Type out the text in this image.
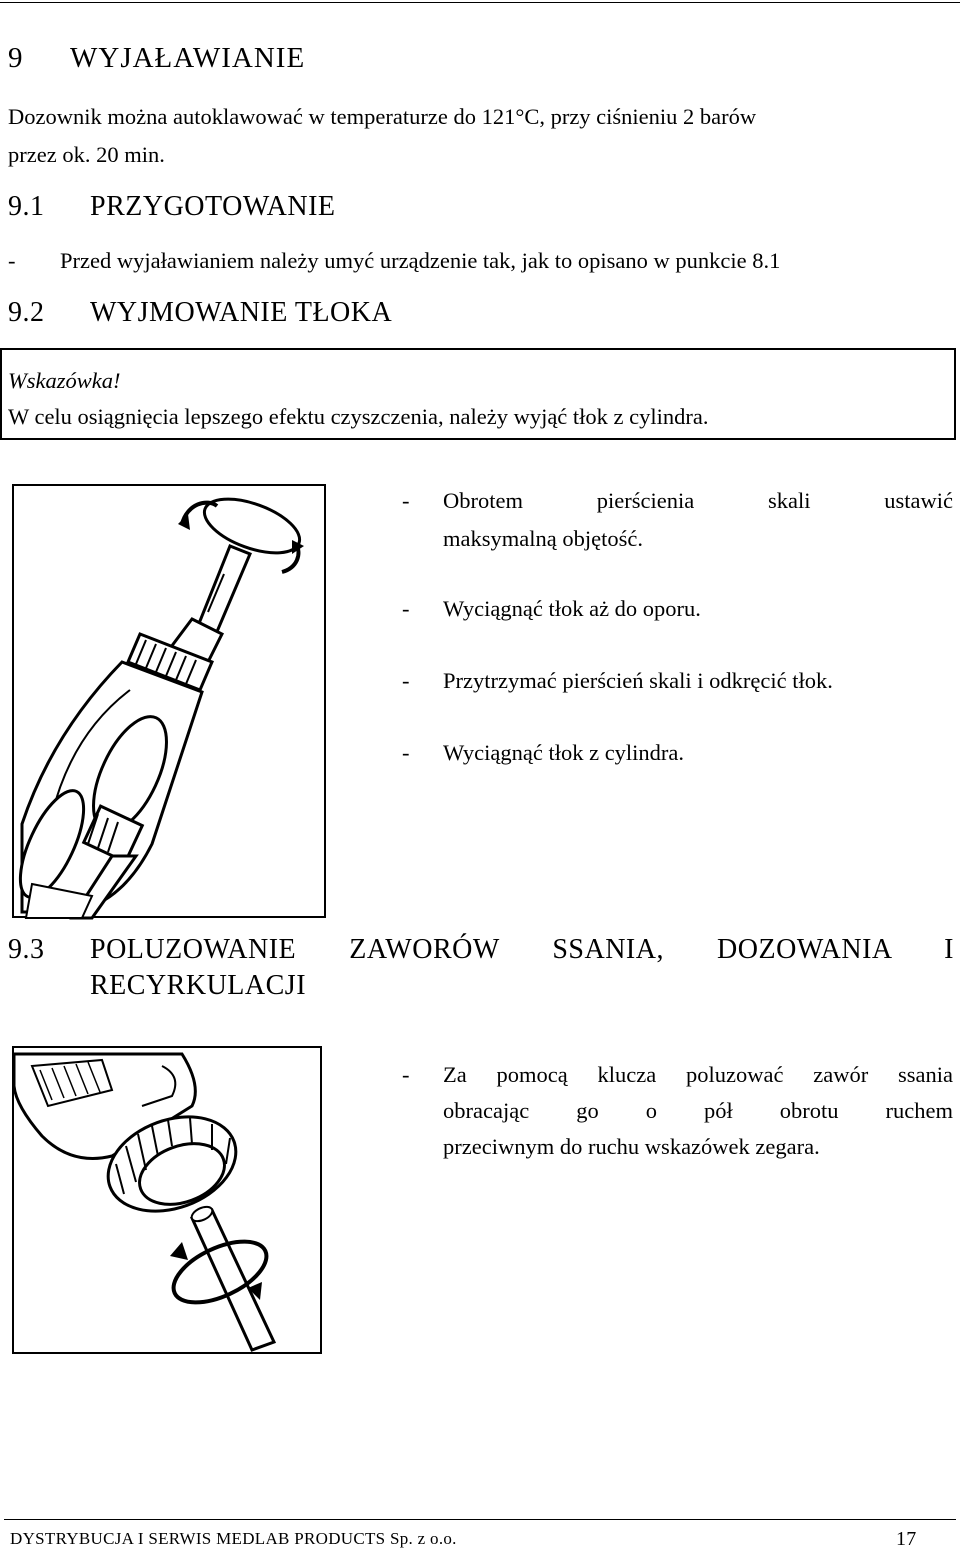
9 WYJAŁAWIANIE
Dozownik można autoklawować w temperaturze do 121°C, przy ciśnieniu 2 barów
przez ok. 20 min.
9.1 PRZYGOTOWANIE
- Przed wyjaławianiem należy umyć urządzenie tak, jak to opisano w punkcie 8.1
9.2 WYJMOWANIE TŁOKA
Wskazówka!
W celu osiągnięcia lepszego efektu czyszczenia, należy wyjąć tłok z cylindra.
- Obrotem pierścienia skali ustawić
maksymalną objętość.
- Wyciągnąć tłok aż do oporu.
- Przytrzymać pierścień skali i odkręcić tłok.
- Wyciągnąć tłok z cylindra.
9.3 POLUZOWANIE ZAWORÓW SSANIA, DOZOWANIA I
RECYRKULACJI
- Za pomocą klucza poluzować zawór ssania
obracając go o pół obrotu ruchem
przeciwnym do ruchu wskazówek zegara.
DYSTRYBUCJA I SERWIS MEDLAB PRODUCTS Sp. z o.o.	17
